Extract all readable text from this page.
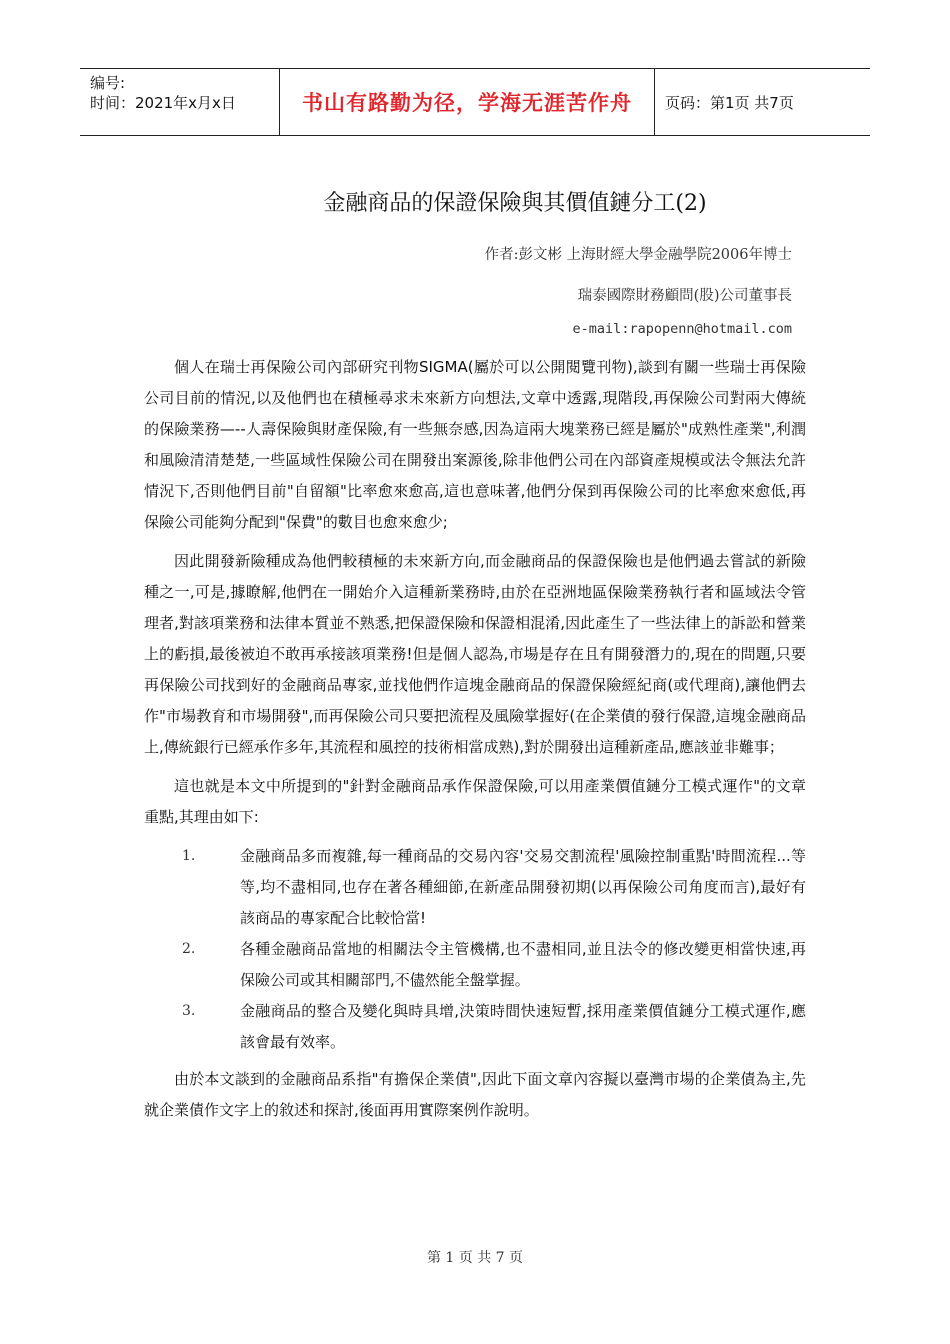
编号:
时间：2021年x月x日	书山有路勤为径，学海无涯苦作舟	页码：第1页 共7页
金融商品的保證保險與其價值鏈分工(2)
作者:彭文彬 上海財經大學金融學院2006年博士
瑞泰國際財務顧問(股)公司董事長
e-mail:rapopenn@hotmail.com

個人在瑞士再保險公司內部研究刊物SIGMA(屬於可以公開閱覽刊物),談到有關一些瑞士再保險公司目前的情況,以及他們也在積極尋求未來新方向想法,文章中透露,現階段,再保險公司對兩大傳統的保險業務—--人壽保險與財產保險,有一些無奈感,因為這兩大塊業務已經是屬於"成熟性產業",利潤和風險清清楚楚,一些區域性保險公司在開發出案源後,除非他們公司在內部資產規模或法令無法允許情況下,否則他們目前"自留額"比率愈來愈高,這也意味著,他們分保到再保險公司的比率愈來愈低,再保險公司能夠分配到"保費"的數目也愈來愈少;

因此開發新險種成為他們較積極的未來新方向,而金融商品的保證保險也是他們過去嘗試的新險種之一,可是,據瞭解,他們在一開始介入這種新業務時,由於在亞洲地區保險業務執行者和區域法令管理者,對該項業務和法律本質並不熟悉,把保證保險和保證相混淆,因此產生了一些法律上的訴訟和營業上的虧損,最後被迫不敢再承接該項業務!但是個人認為,市場是存在且有開發潛力的,現在的問題,只要再保險公司找到好的金融商品專家,並找他們作這塊金融商品的保證保險經紀商(或代理商),讓他們去作"市場教育和市場開發",而再保險公司只要把流程及風險掌握好(在企業債的發行保證,這塊金融商品上,傳統銀行已經承作多年,其流程和風控的技術相當成熟),對於開發出這種新產品,應該並非難事；

這也就是本文中所提到的"針對金融商品承作保證保險,可以用產業價值鏈分工模式運作"的文章重點,其理由如下:

1.	金融商品多而複雜,每一種商品的交易內容'交易交割流程'風險控制重點'時間流程...等等,均不盡相同,也存在著各種細節,在新產品開發初期(以再保險公司角度而言),最好有該商品的專家配合比較恰當!
2.	各種金融商品當地的相關法令主管機構,也不盡相同,並且法令的修改變更相當快速,再保險公司或其相關部門,不儘然能全盤掌握。
3.	金融商品的整合及變化與時具增,決策時間快速短暫,採用產業價值鏈分工模式運作,應該會最有效率。

由於本文談到的金融商品系指"有擔保企業債",因此下面文章內容擬以臺灣市場的企業債為主,先就企業債作文字上的敘述和探討,後面再用實際案例作說明。

第 1 页 共 7 页
